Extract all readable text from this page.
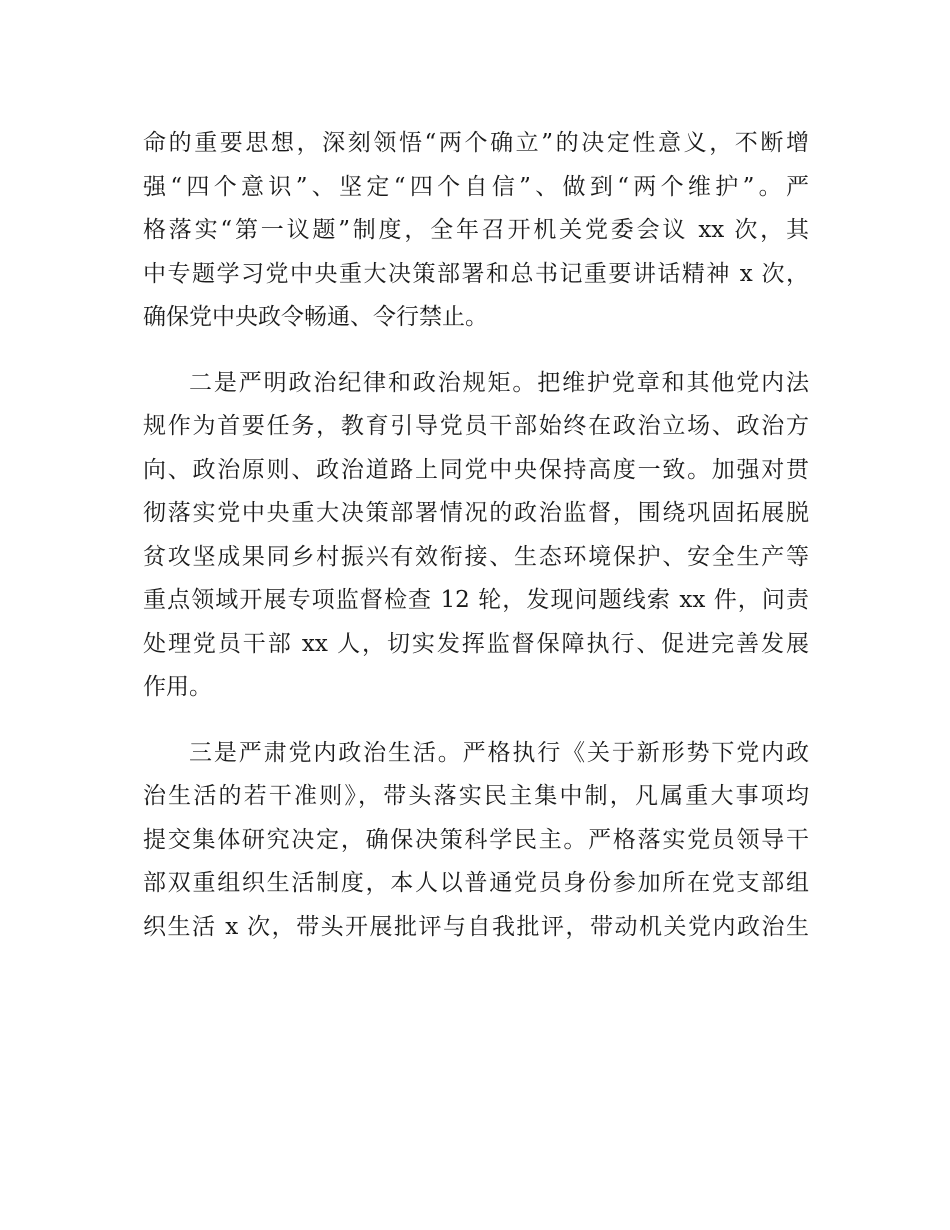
命的重要思想，深刻领悟“两个确立”的决定性意义，不断增
强“四个意识”、坚定“四个自信”、做到“两个维护”。严
格落实“第一议题”制度，全年召开机关党委会议 xx 次，其
中专题学习党中央重大决策部署和总书记重要讲话精神 x 次，
确保党中央政令畅通、令行禁止。

二是严明政治纪律和政治规矩。把维护党章和其他党内法
规作为首要任务，教育引导党员干部始终在政治立场、政治方
向、政治原则、政治道路上同党中央保持高度一致。加强对贯
彻落实党中央重大决策部署情况的政治监督，围绕巩固拓展脱
贫攻坚成果同乡村振兴有效衔接、生态环境保护、安全生产等
重点领域开展专项监督检查 12 轮，发现问题线索 xx 件，问责
处理党员干部 xx 人，切实发挥监督保障执行、促进完善发展
作用。

三是严肃党内政治生活。严格执行《关于新形势下党内政
治生活的若干准则》，带头落实民主集中制，凡属重大事项均
提交集体研究决定，确保决策科学民主。严格落实党员领导干
部双重组织生活制度，本人以普通党员身份参加所在党支部组
织生活 x 次，带头开展批评与自我批评，带动机关党内政治生
